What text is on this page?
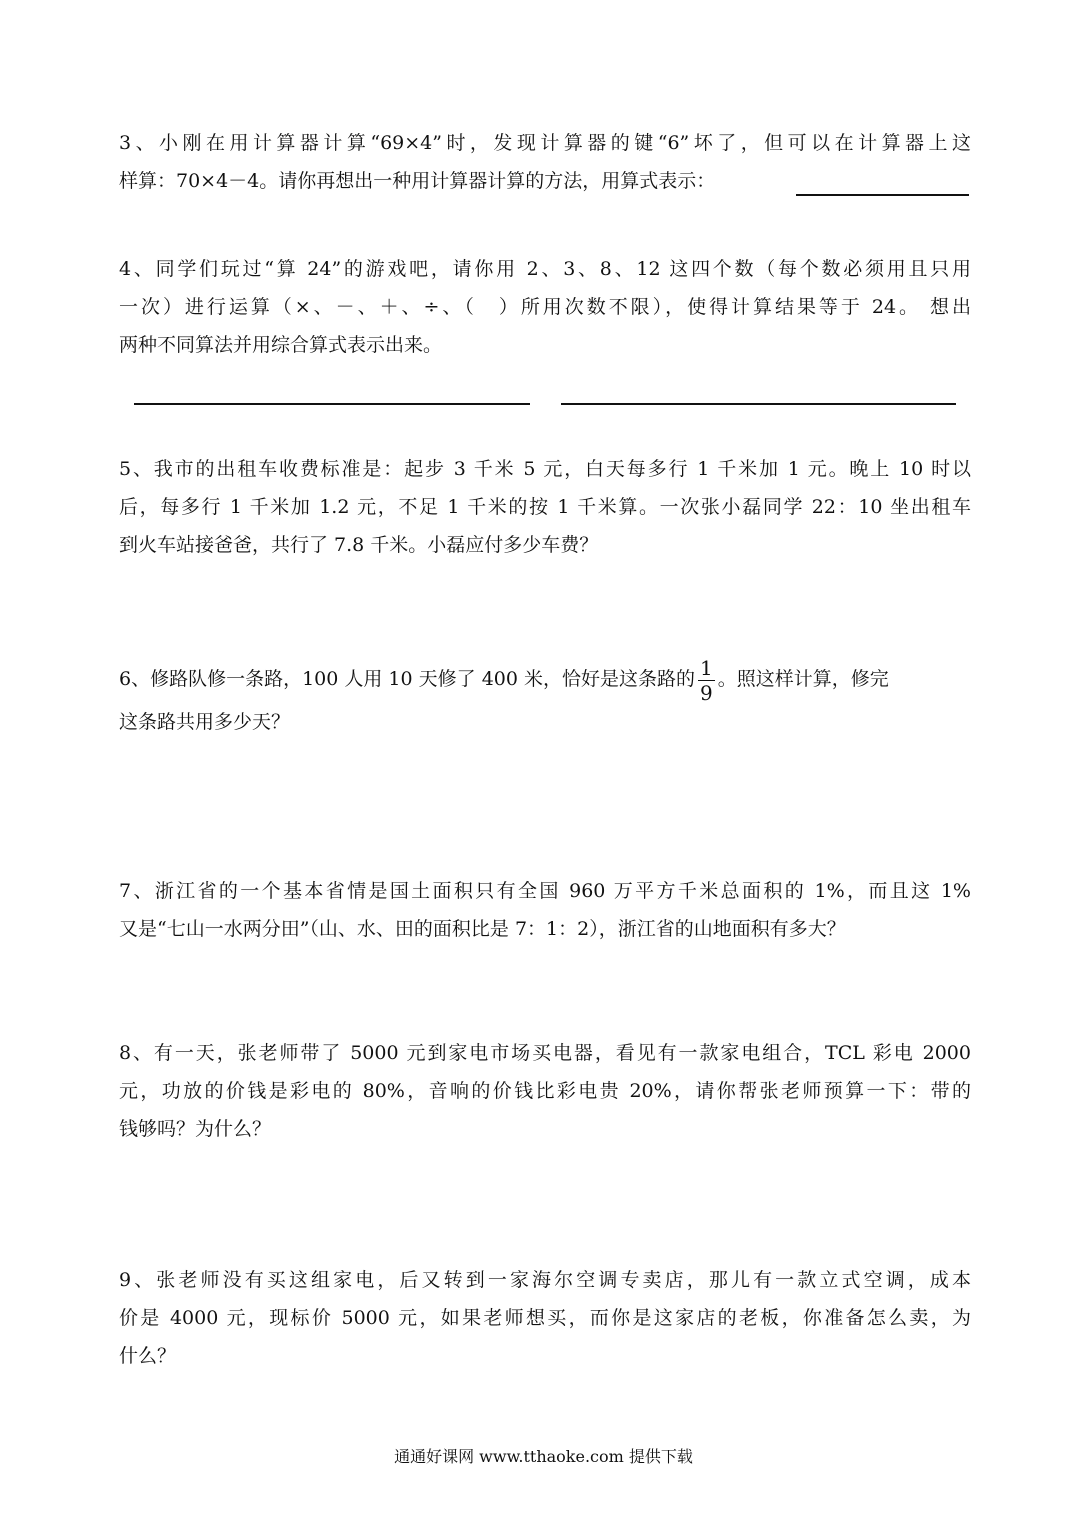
3、小刚在用计算器计算“69×4”时，发现计算器的键“6”坏了，但可以在计算器上这
样算：70×4－4。请你再想出一种用计算器计算的方法，用算式表示：
4、同学们玩过“算 24”的游戏吧，请你用 2、3、8、12 这四个数（每个数必须用且只用
一次）进行运算（×、－、＋、÷、（　）所用次数不限），使得计算结果等于 24。 想出
两种不同算法并用综合算式表示出来。
5、我市的出租车收费标准是：起步 3 千米 5 元，白天每多行 1 千米加 1 元。晚上 10 时以
后，每多行 1 千米加 1.2 元，不足 1 千米的按 1 千米算。一次张小磊同学 22：10 坐出租车
到火车站接爸爸，共行了 7.8 千米。小磊应付多少车费？
6、修路队修一条路，100 人用 10 天修了 400 米，恰好是这条路的 $\frac{1}{9}$ 。照这样计算，修完
这条路共用多少天？
7、浙江省的一个基本省情是国土面积只有全国 960 万平方千米总面积的 1%，而且这 1%
又是“七山一水两分田”（山、水、田的面积比是 7：1：2），浙江省的山地面积有多大？
8、有一天，张老师带了 5000 元到家电市场买电器，看见有一款家电组合，TCL 彩电 2000
元，功放的价钱是彩电的 80%，音响的价钱比彩电贵 20%，请你帮张老师预算一下：带的
钱够吗？为什么？
9、张老师没有买这组家电，后又转到一家海尔空调专卖店，那儿有一款立式空调，成本
价是 4000 元，现标价 5000 元，如果老师想买，而你是这家店的老板，你准备怎么卖，为
什么？
通通好课网 www.tthaoke.com 提供下载
